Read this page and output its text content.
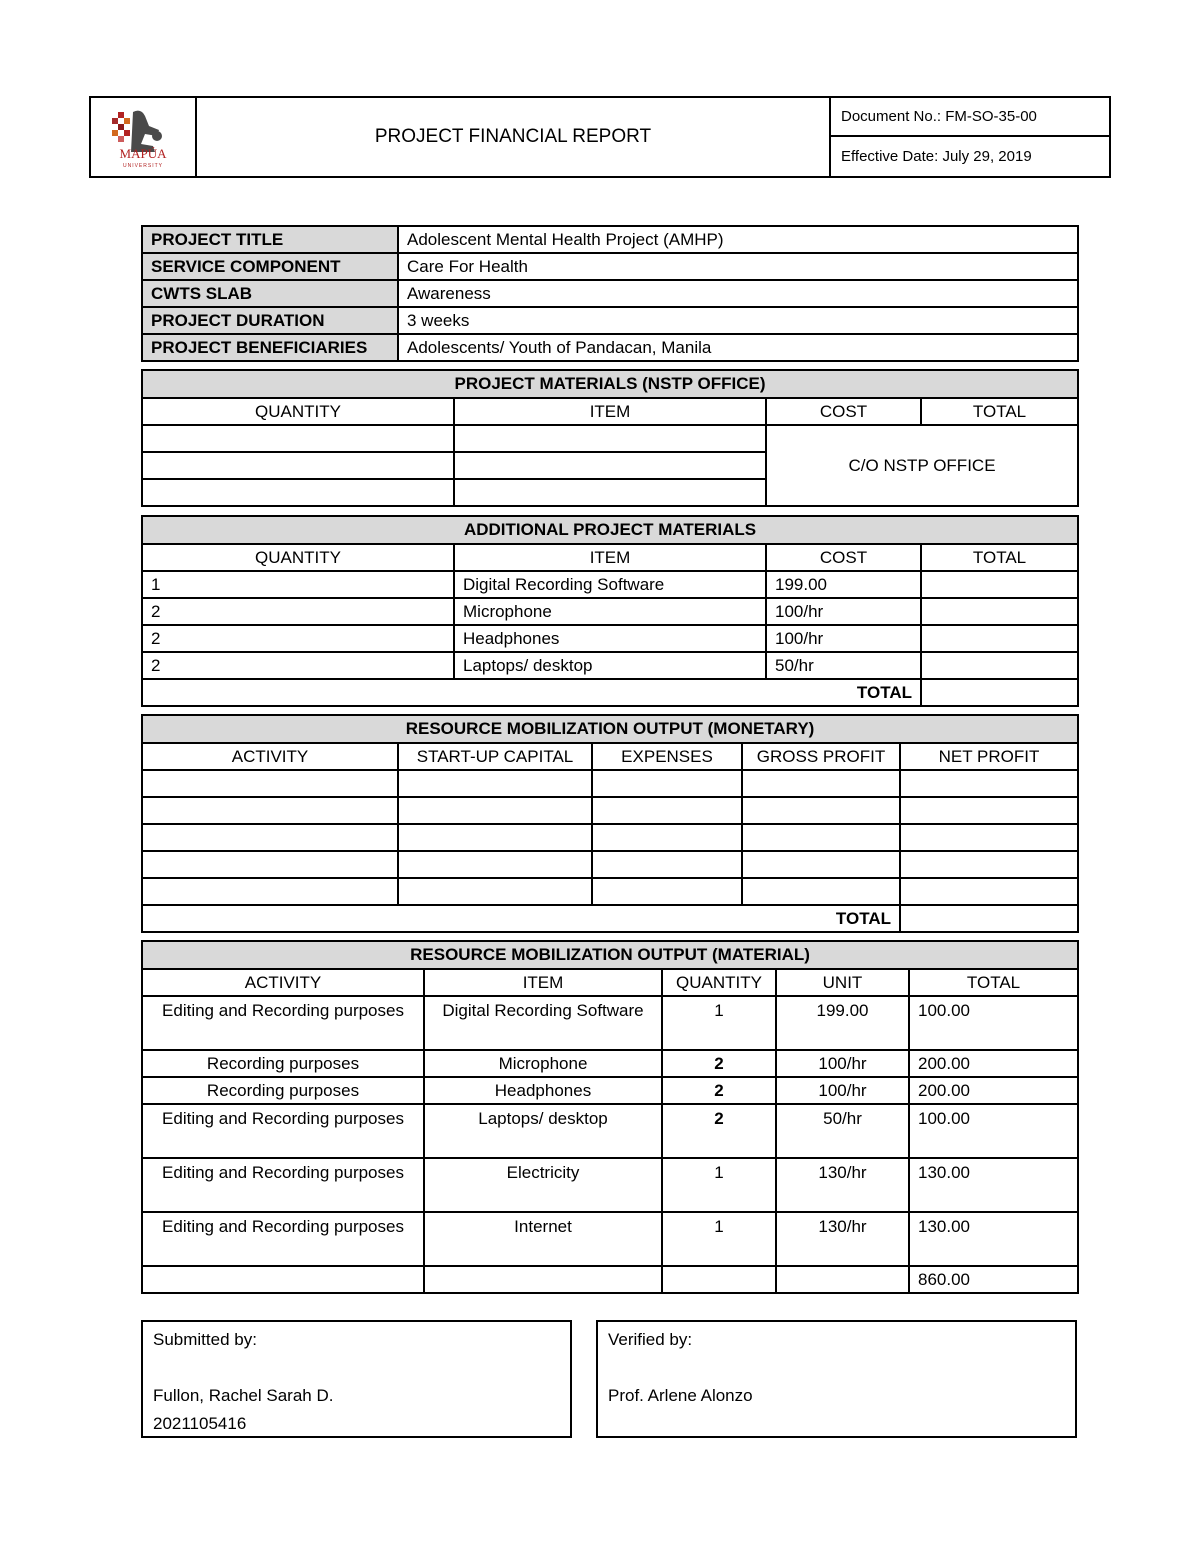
MAPÚA
UNIVERSITY
PROJECT FINANCIAL REPORT
Document No.: FM-SO-35-00
Effective Date: July 29, 2019
PROJECT TITLE	Adolescent Mental Health Project (AMHP)
SERVICE COMPONENT	Care For Health
CWTS SLAB	Awareness
PROJECT DURATION	3 weeks
PROJECT BENEFICIARIES	Adolescents/ Youth of Pandacan, Manila
PROJECT MATERIALS (NSTP OFFICE)			
QUANTITY	ITEM	COST	TOTAL
		C/O NSTP OFFICE	

ADDITIONAL PROJECT MATERIALS			
QUANTITY	ITEM	COST	TOTAL
1	Digital Recording Software	199.00	
2	Microphone	100/hr	
2	Headphones	100/hr	
2	Laptops/ desktop	50/hr	
TOTAL			
RESOURCE MOBILIZATION OUTPUT (MONETARY)				
ACTIVITY	START-UP CAPITAL	EXPENSES	GROSS PROFIT	NET PROFIT

TOTAL				
RESOURCE MOBILIZATION OUTPUT (MATERIAL)				
ACTIVITY	ITEM	QUANTITY	UNIT	TOTAL
Editing and Recording purposes	Digital Recording Software	1	199.00	100.00
Recording purposes	Microphone	2	100/hr	200.00
Recording purposes	Headphones	2	100/hr	200.00
Editing and Recording purposes	Laptops/ desktop	2	50/hr	100.00
Editing and Recording purposes	Electricity	1	130/hr	130.00
Editing and Recording purposes	Internet	1	130/hr	130.00
				860.00
Submitted by:
Fullon, Rachel Sarah D.
2021105416
Verified by:
Prof. Arlene Alonzo
